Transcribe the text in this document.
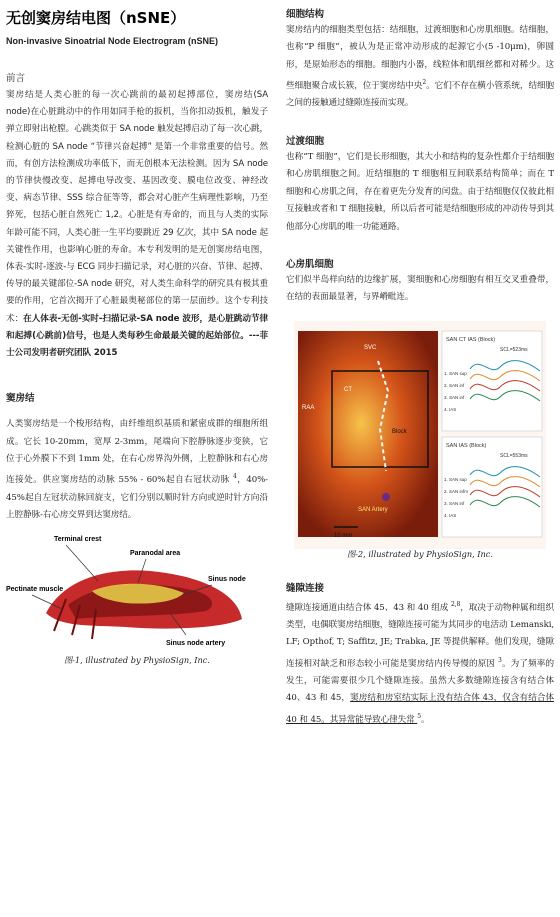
无创窦房结电图（nSNE）
Non-invasive Sinoatrial Node Electrogram (nSNE)
前言

窦房结是人类心脏的每一次心跳前的最初起搏部位，窦房结(SA node)在心脏跳动中的作用如同手枪的扳机，当你扣动扳机，触发子弹立即射出枪膛。心跳类似于 SA node 触发起搏启动了每一次心跳，检测心脏的 SA node “节律兴奋起搏” 是第一个非常重要的信号。然而，有创方法检测成功率低下，而无创根本无法检测。因为 SA node 的节律快慢改变、起搏电导改变、基因改变、膜电位改变、神经改变、病态节律、SSS 综合征等等，都会对心脏产生病理性影响，乃至猝死，包括心脏自然死亡 1,2。心脏是有寿命的，而且与人类的实际年龄可能不同，人类心脏一生平均要跳近 29 亿次，其中 SA node 起关键性作用，也影响心脏的寿命。本专利发明的是无创窦房结电图，体表-实时-逐波-与 ECG 同步扫描记录，对心脏的兴奋、节律、起搏、传导的最关键部位-SA node 研究，对人类生命科学的研究具有极其重要的作用，它首次揭开了心脏最奥秘部位的第一层面纱。这个专利技术：在人体表-无创-实时-扫描记录-SA node 波形，是心脏跳动节律和起搏(心跳前)信号，也是人类每秒生命最最关键的起始部位。---菲士公司发明者研究团队 2015

窦房结

人类窦房结是一个梭形结构，由纤维组织基质和紧密成群的细胞所组成。它长 10-20mm，宽厚 2-3mm，尾端向下腔静脉逐步变狭，它位于心外膜下不到 1mm 处，在右心房界沟外侧，上腔静脉和右心房连接处。供应窦房结的动脉 55% - 60%起自右冠状动脉 $^4$，40%- 45%起自左冠状动脉回旋支，它们分别以顺时针方向或逆时针方向沿上腔静脉-右心房交界到达窦房结。

Terminal crest
Paranodal area
Pectinate muscle
Sinus node
Sinus node artery
图-1, illustrated by PhysioSign, Inc.
细胞结构

窦房结内的细胞类型包括：结细胞，过渡细胞和心房肌细胞。结细胞，也称“P 细胞”，被认为是正常冲动形成的起源它小(5 -10μm)，卵圆形，是原始形态的细胞。细胞内小器，线粒体和肌细丝都和对稀少。这些细胞聚合成长簇，位于窦房结中央$^2$。它们不存在横小管系统，结细胞之间的接触通过缝隙连接而实现。

过渡细胞

也称“T 细胞”，它们是长形细胞，其大小和结构的复杂性都介于结细胞和心房肌细胞之间。近结细胞的 T 细胞相互间联系结构简单；而在 T 细胞和心房肌之间，存在着更先分发育的闰盘。由于结细胞仅仅彼此相互接触或者和 T 细胞接触，所以后者可能是结细胞形成的冲动传导到其他部分心房肌的唯一功能通路。

心房肌细胞

它们似半岛样向结的边缘扩展，窦细胞和心房细胞有相互交叉重叠带，在结的表面最显著，与界嵴毗连。

SVC
RAA
CT
Block
SAN Artery
10 mm
SAN CT IAS (Block)
SCL=523ms
SAN IAS (Block)
SCL=553ms
1. SAN sup
2. SAN inf
3. SAN inf
4. IAS
1. SAN sup
2. SAN infm
3. SAN inf
4. IAS
图-2, illustrated by PhysioSign, Inc.
缝隙连接

缝隙连接通道由结合体 45、43 和 40 组成 $^{2,8}$，取决于动物种属和组织类型，电偶联窦房结细胞，缝隙连接可能为其同步的电活动 Lemanski, LF; Opthof, T; Saffitz, JE; Trabka, JE 等提供解释。他们发现，缝隙连接相对缺乏和形态较小可能是窦房结内传导慢的原因 $^3$。为了频率的发生，可能需要很少几个缝隙连接。虽然大多数缝隙连接含有结合体 40、43 和 45，窦房结和房室结实际上没有结合体 43，仅含有结合体 40 和 45。其异常能导致心律失常 $^5$。
